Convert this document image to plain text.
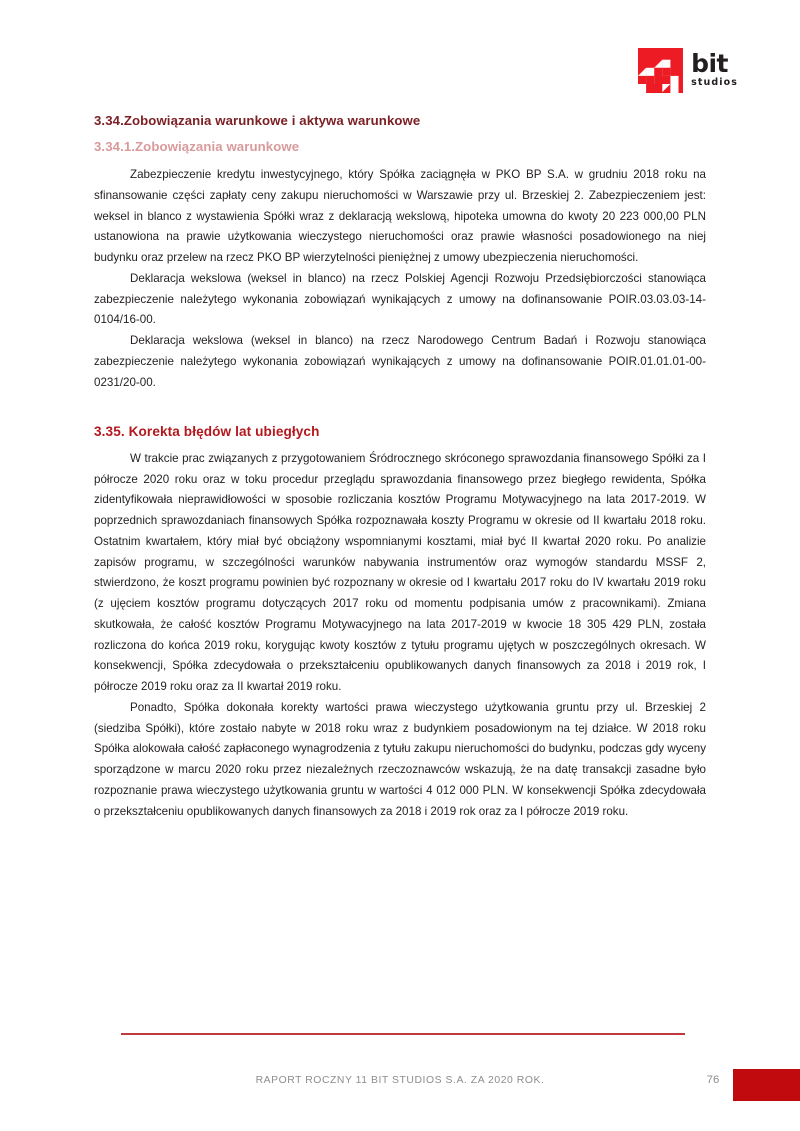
bit
studios
3.34.Zobowiązania warunkowe i aktywa warunkowe
3.34.1.Zobowiązania warunkowe

Zabezpieczenie kredytu inwestycyjnego, który Spółka zaciągnęła w PKO BP S.A. w grudniu 2018 roku na sfinansowanie części zapłaty ceny zakupu nieruchomości w Warszawie przy ul. Brzeskiej 2. Zabezpieczeniem jest: weksel in blanco z wystawienia Spółki wraz z deklaracją wekslową, hipoteka umowna do kwoty 20 223 000,00 PLN ustanowiona na prawie użytkowania wieczystego nieruchomości oraz prawie własności posadowionego na niej budynku oraz przelew na rzecz PKO BP wierzytelności pieniężnej z umowy ubezpieczenia nieruchomości.

Deklaracja wekslowa (weksel in blanco) na rzecz Polskiej Agencji Rozwoju Przedsiębiorczości stanowiąca zabezpieczenie należytego wykonania zobowiązań wynikających z umowy na dofinansowanie POIR.03.03.03-14-0104/16-00.

Deklaracja wekslowa (weksel in blanco) na rzecz Narodowego Centrum Badań i Rozwoju stanowiąca zabezpieczenie należytego wykonania zobowiązań wynikających z umowy na dofinansowanie POIR.01.01.01-00-0231/20-00.

3.35. Korekta błędów lat ubiegłych

W trakcie prac związanych z przygotowaniem Śródrocznego skróconego sprawozdania finansowego Spółki za I półrocze 2020 roku oraz w toku procedur przeglądu sprawozdania finansowego przez biegłego rewidenta, Spółka zidentyfikowała nieprawidłowości w sposobie rozliczania kosztów Programu Motywacyjnego na lata 2017-2019. W poprzednich sprawozdaniach finansowych Spółka rozpoznawała koszty Programu w okresie od II kwartału 2018 roku. Ostatnim kwartałem, który miał być obciążony wspomnianymi kosztami, miał być II kwartał 2020 roku. Po analizie zapisów programu, w szczególności warunków nabywania instrumentów oraz wymogów standardu MSSF 2, stwierdzono, że koszt programu powinien być rozpoznany w okresie od I kwartału 2017 roku do IV kwartału 2019 roku (z ujęciem kosztów programu dotyczących 2017 roku od momentu podpisania umów z pracownikami). Zmiana skutkowała, że całość kosztów Programu Motywacyjnego na lata 2017-2019 w kwocie 18 305 429 PLN, została rozliczona do końca 2019 roku, korygując kwoty kosztów z tytułu programu ujętych w poszczególnych okresach. W konsekwencji, Spółka zdecydowała o przekształceniu opublikowanych danych finansowych za 2018 i 2019 rok, I półrocze 2019 roku oraz za II kwartał 2019 roku.

Ponadto, Spółka dokonała korekty wartości prawa wieczystego użytkowania gruntu przy ul. Brzeskiej 2 (siedziba Spółki), które zostało nabyte w 2018 roku wraz z budynkiem posadowionym na tej działce. W 2018 roku Spółka alokowała całość zapłaconego wynagrodzenia z tytułu zakupu nieruchomości do budynku, podczas gdy wyceny sporządzone w marcu 2020 roku przez niezależnych rzeczoznawców wskazują, że na datę transakcji zasadne było rozpoznanie prawa wieczystego użytkowania gruntu w wartości 4 012 000 PLN. W konsekwencji Spółka zdecydowała o przekształceniu opublikowanych danych finansowych za 2018 i 2019 rok oraz za I półrocze 2019 roku.

RAPORT ROCZNY 11 BIT STUDIOS S.A. ZA 2020 ROK.	76
